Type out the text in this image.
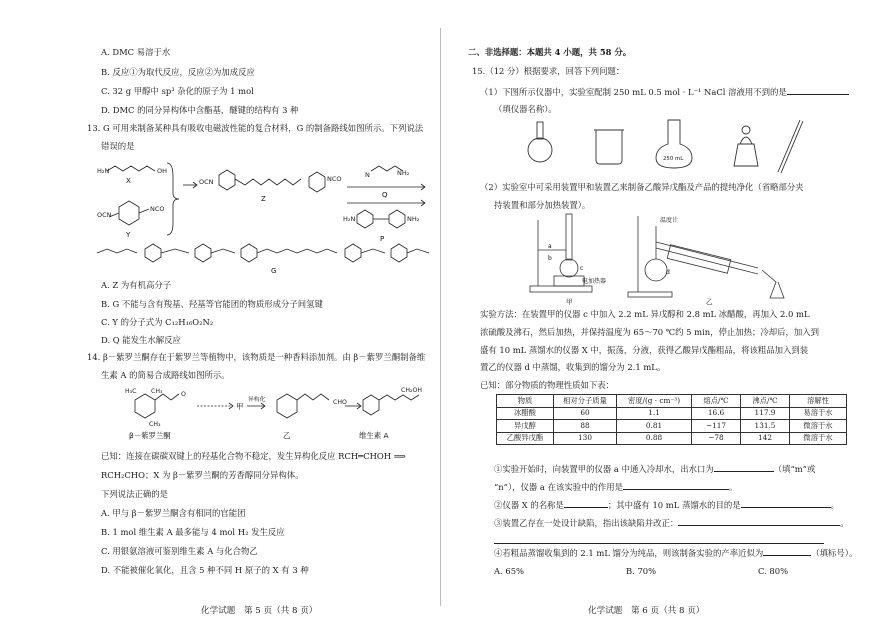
A. DMC 易溶于水
B. 反应①为取代反应，反应②为加成反应
C. 32 g 甲醇中 sp³ 杂化的原子为 1 mol
D. DMC 的同分异构体中含酯基，醚键的结构有 3 种
13. G 可用来制备某种具有吸收电磁波性能的复合材料，G 的制备路线如图所示。下列说法
错误的是
H₂N	OH
OCN
NCO
OCN	NCO	N	NH₂
H₂N	NH₂
X
Y
Z	Q
P
G
A. Z 为有机高分子
B. G 不能与含有羧基、羟基等官能团的物质形成分子间氢键
C. Y 的分子式为 C₁₂H₁₆O₂N₂
D. Q 能发生水解反应
14. β－紫罗兰酮存在于紫罗兰等植物中，该物质是一种香料添加剂。由 β－紫罗兰酮制备维
生素 A 的简易合成路线如图所示。
H₃C CH₃	O
CH₃
CHO
CH₂OH
甲
异构化
β－紫罗兰酮	乙	维生素 A
已知：连接在碳碳双键上的羟基化合物不稳定，发生异构化反应 RCH═CHOH ⟹
RCH₂CHO；X 为 β－紫罗兰酮的芳香醇同分异构体。
下列说法正确的是
A. 甲与 β－紫罗兰酮含有相同的官能团
B. 1 mol 维生素 A 最多能与 4 mol H₂ 发生反应
C. 用银氨溶液可鉴别维生素 A 与化合物乙
D. 不能被催化氧化，且含 5 种不同 H 原子的 X 有 3 种
化学试题　第 5 页（共 8 页）
二、非选择题：本题共 4 小题，共 58 分。
15.（12 分）根据要求，回答下列问题：
（1）下图所示仪器中，实验室配制 250 mL 0.5 mol · L⁻¹ NaCl 溶液用不到的是
（填仪器名称）。
250 mL
（2）实验室中可采用装置甲和装置乙来制备乙酸异戊酯及产品的提纯净化（省略部分夹
持装置和部分加热装置）。
a
b
c
d
电加热器
温度计
甲	乙
实验方法：在装置甲的仪器 c 中加入 2.2 mL 异戊醇和 2.8 mL 冰醋酸，再加入 2.0 mL
浓硫酸及沸石，然后加热，并保持温度为 65～70 ℃约 5 min，停止加热；冷却后，加入到
盛有 10 mL 蒸馏水的仪器 X 中，振荡，分液，获得乙酸异戊酯粗品，将该粗品加入到装
置乙的仪器 d 中蒸馏，收集到的馏分为 2.1 mL。
已知：部分物质的物理性质如下表：
物质	相对分子质量	密度/(g · cm⁻³)	熔点/℃	沸点/℃	溶解性
冰醋酸	60	1.1	16.6	117.9	易溶于水
异戊醇	88	0.81	−117	131.5	微溶于水
乙酸异戊酯	130	0.88	−78	142	微溶于水
①实验开始时，向装置甲的仪器 a 中通入冷却水，出水口为	（填“m”或
“n”），仪器 a 在该实验中的作用是	。
②仪器 X 的名称是	；其中盛有 10 mL 蒸馏水的目的是	。
③装置乙存在一处设计缺陷，指出该缺陷并改正：	。
④若粗品蒸馏收集到的 2.1 mL 馏分为纯品，则该制备实验的产率近似为	（填标号）。
A. 65%	B. 70%	C. 80%
化学试题　第 6 页（共 8 页）
